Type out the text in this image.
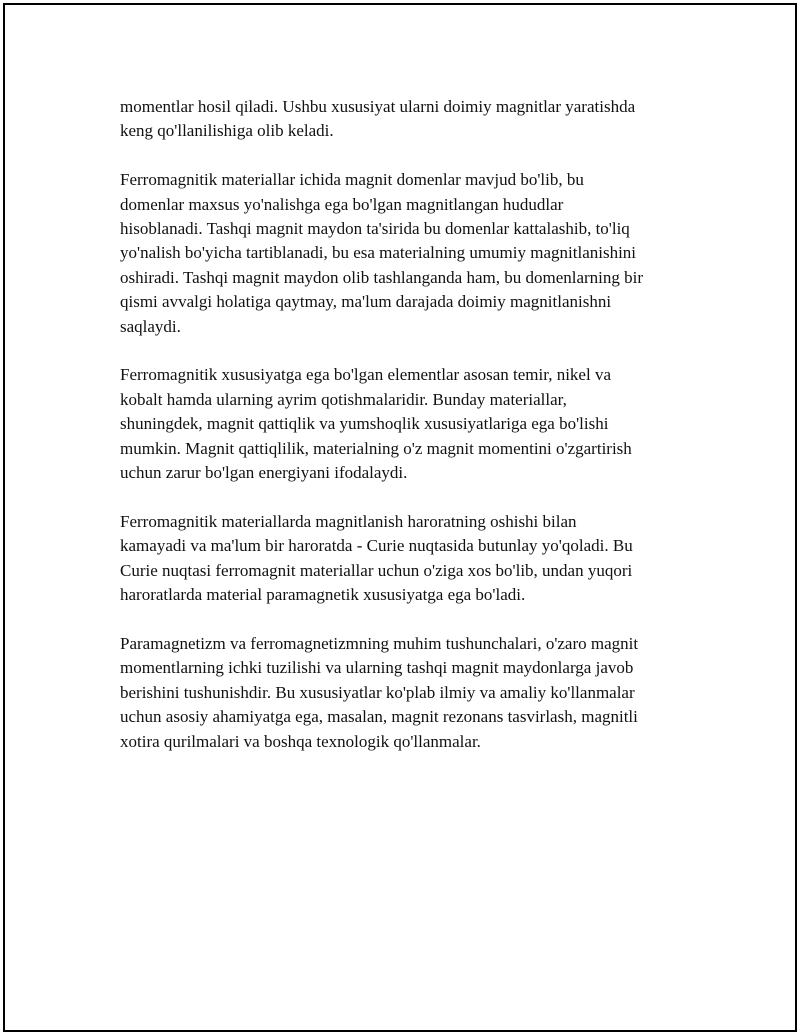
momentlar hosil qiladi. Ushbu xususiyat ularni doimiy magnitlar yaratishda
keng qo'llanilishiga olib keladi.

Ferromagnitik materiallar ichida magnit domenlar mavjud bo'lib, bu
domenlar maxsus yo'nalishga ega bo'lgan magnitlangan hududlar
hisoblanadi. Tashqi magnit maydon ta'sirida bu domenlar kattalashib, to'liq
yo'nalish bo'yicha tartiblanadi, bu esa materialning umumiy magnitlanishini
oshiradi. Tashqi magnit maydon olib tashlanganda ham, bu domenlarning bir
qismi avvalgi holatiga qaytmay, ma'lum darajada doimiy magnitlanishni
saqlaydi.

Ferromagnitik xususiyatga ega bo'lgan elementlar asosan temir, nikel va
kobalt hamda ularning ayrim qotishmalaridir. Bunday materiallar,
shuningdek, magnit qattiqlik va yumshoqlik xususiyatlariga ega bo'lishi
mumkin. Magnit qattiqlilik, materialning o'z magnit momentini o'zgartirish
uchun zarur bo'lgan energiyani ifodalaydi.

Ferromagnitik materiallarda magnitlanish haroratning oshishi bilan
kamayadi va ma'lum bir haroratda - Curie nuqtasida butunlay yo'qoladi. Bu
Curie nuqtasi ferromagnit materiallar uchun o'ziga xos bo'lib, undan yuqori
haroratlarda material paramagnetik xususiyatga ega bo'ladi.

Paramagnetizm va ferromagnetizmning muhim tushunchalari, o'zaro magnit
momentlarning ichki tuzilishi va ularning tashqi magnit maydonlarga javob
berishini tushunishdir. Bu xususiyatlar ko'plab ilmiy va amaliy ko'llanmalar
uchun asosiy ahamiyatga ega, masalan, magnit rezonans tasvirlash, magnitli
xotira qurilmalari va boshqa texnologik qo'llanmalar.
